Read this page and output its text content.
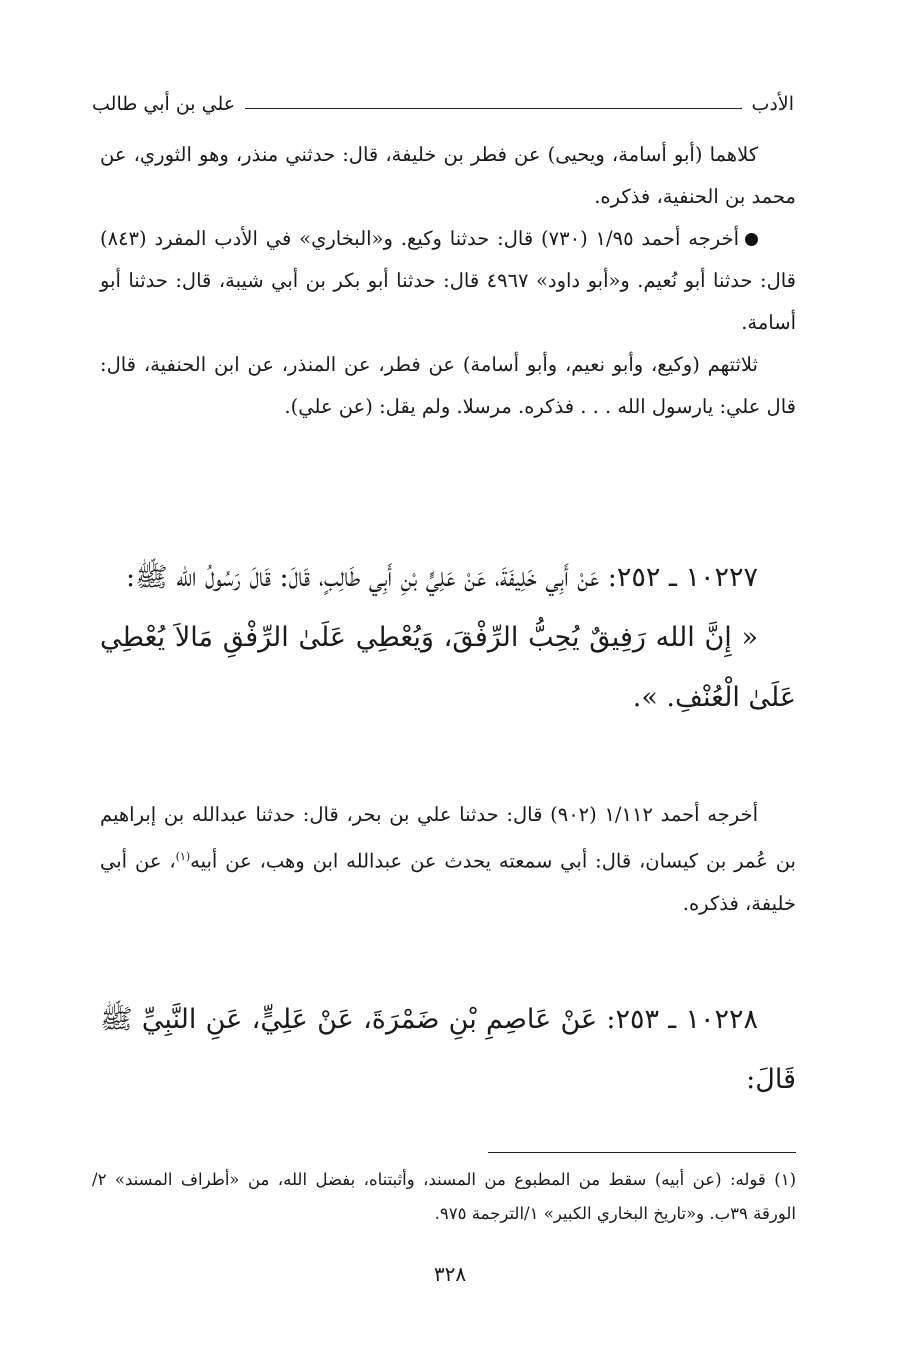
الأدب
علي بن أبي طالب

كلاهما (أبو أسامة، ويحيى) عن فطر بن خليفة، قال: حدثني منذر، وهو الثوري، عن محمد بن الحنفية، فذكره.

أخرجه أحمد ١/٩٥ (٧٣٠) قال: حدثنا وكيع. و«البخاري» في الأدب المفرد (٨٤٣) قال: حدثنا أبو نُعيم. و«أبو داود» ٤٩٦٧ قال: حدثنا أبو بكر بن أبي شيبة، قال: حدثنا أبو أسامة.

ثلاثتهم (وكيع، وأبو نعيم، وأبو أسامة) عن فطر، عن المنذر، عن ابن الحنفية، قال: قال علي: يارسول الله . . . فذكره. مرسلا. ولم يقل: (عن علي).

١٠٢٢٧ ـ ٢٥٢: عَنْ أَبِي خَلِيفَةَ، عَنْ عَلِيٍّ بْنِ أَبِي طَالِبٍ، قَالَ: قَالَ رَسُولُ الله ﷺ:

« إِنَّ الله رَفِيقٌ يُحِبُّ الرِّفْقَ، وَيُعْطِي عَلَىٰ الرِّفْقِ مَالاَ يُعْطِي عَلَىٰ الْعُنْفِ. ».

أخرجه أحمد ١/١١٢ (٩٠٢) قال: حدثنا علي بن بحر، قال: حدثنا عبدالله بن إبراهيم بن عُمر بن كيسان، قال: أبي سمعته يحدث عن عبدالله ابن وهب، عن أبيه$^{(١)}$، عن أبي خليفة، فذكره.

١٠٢٢٨ ـ ٢٥٣: عَنْ عَاصِمِ بْنِ ضَمْرَةَ، عَنْ عَلِيٍّ، عَنِ النَّبِيِّ ﷺ قَالَ:

(١) قوله: (عن أبيه) سقط من المطبوع من المسند، وأثبتناه، بفضل الله، من «أطراف المسند» ٢/ الورقة ٣٩ب. و«تاريخ البخاري الكبير» ١/الترجمة ٩٧٥.

٣٢٨
